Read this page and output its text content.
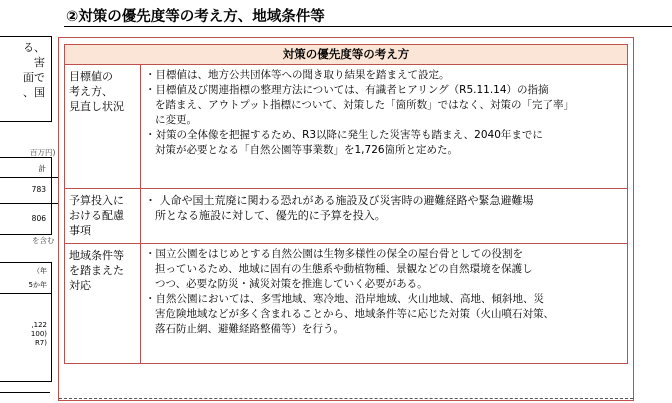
る、
害
面で
、国
百万円)
計
783
806
を含む
（年
5か年
,122
100)
R7)
②対策の優先度等の考え方、地域条件等
対策の優先度等の考え方
目標値の
考え方、
見直し状況
・目標値は、地方公共団体等への聞き取り結果を踏まえて設定。
・目標値及び関連指標の整理方法については、有識者ヒアリング（R5.11.14）の指摘
を踏まえ、アウトプット指標について、対策した「箇所数」ではなく、対策の「完了率」
に変更。
・対策の全体像を把握するため、R3以降に発生した災害等も踏まえ、2040年までに
対策が必要となる「自然公園等事業数」を1,726箇所と定めた。
予算投入に
おける配慮
事項
・ 人命や国土荒廃に関わる恐れがある施設及び災害時の避難経路や緊急避難場
所となる施設に対して、優先的に予算を投入。
地域条件等
を踏まえた
対応
・国立公園をはじめとする自然公園は生物多様性の保全の屋台骨としての役割を
担っているため、地域に固有の生態系や動植物種、景観などの自然環境を保護し
つつ、必要な防災・減災対策を推進していく必要がある。
・自然公園においては、多雪地域、寒冷地、沿岸地域、火山地域、高地、傾斜地、災
害危険地域などが多く含まれることから、地域条件等に応じた対策（火山噴石対策、
落石防止網、避難経路整備等）を行う。
